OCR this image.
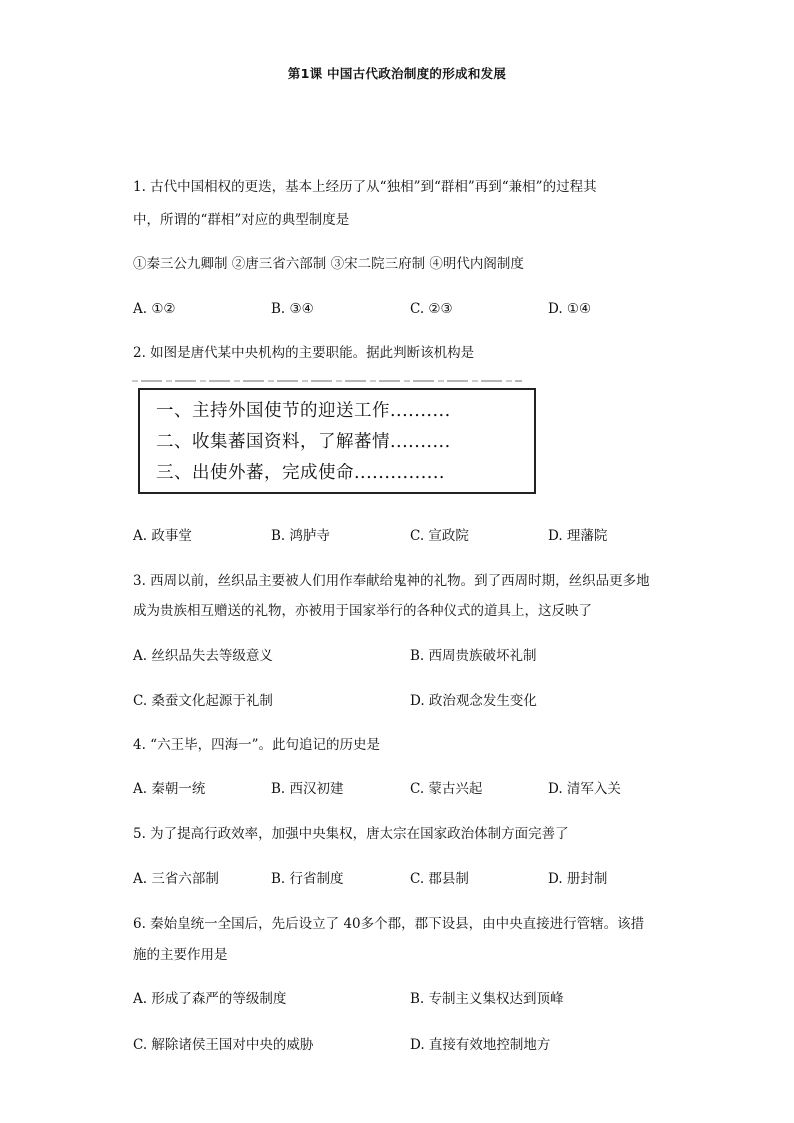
第1课 中国古代政治制度的形成和发展
1. 古代中国相权的更迭，基本上经历了从“独相”到“群相”再到“兼相”的过程其
中，所谓的“群相”对应的典型制度是
①秦三公九卿制 ②唐三省六部制 ③宋二院三府制 ④明代内阁制度
A. ①②	B. ③④	C. ②③	D. ①④
2. 如图是唐代某中央机构的主要职能。据此判断该机构是
一、主持外国使节的迎送工作..........
二、收集蕃国资料，了解蕃情..........
三、出使外蕃，完成使命...............
A. 政事堂	B. 鸿胪寺	C. 宣政院	D. 理藩院
3. 西周以前，丝织品主要被人们用作奉献给鬼神的礼物。到了西周时期，丝织品更多地
成为贵族相互赠送的礼物，亦被用于国家举行的各种仪式的道具上，这反映了
A. 丝织品失去等级意义	B. 西周贵族破坏礼制
C. 桑蚕文化起源于礼制	D. 政治观念发生变化
4. “六王毕，四海一”。此句追记的历史是
A. 秦朝一统	B. 西汉初建	C. 蒙古兴起	D. 清军入关
5. 为了提高行政效率，加强中央集权，唐太宗在国家政治体制方面完善了
A. 三省六部制	B. 行省制度	C. 郡县制	D. 册封制
6. 秦始皇统一全国后，先后设立了 40多个郡，郡下设县，由中央直接进行管辖。该措
施的主要作用是
A. 形成了森严的等级制度	B. 专制主义集权达到顶峰
C. 解除诸侯王国对中央的威胁	D. 直接有效地控制地方
